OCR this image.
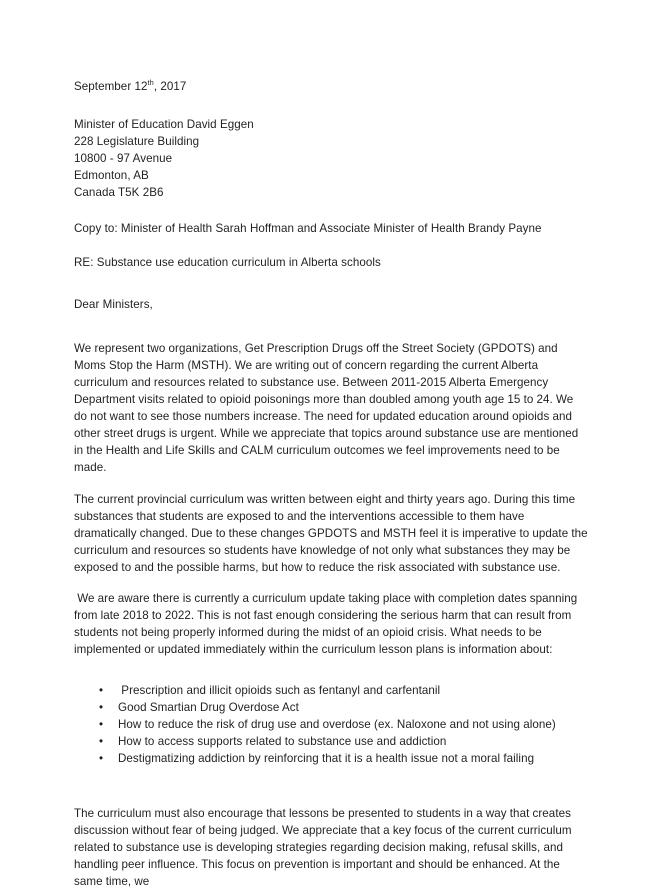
September 12th, 2017

Minister of Education David Eggen

228 Legislature Building

10800 - 97 Avenue

Edmonton, AB

Canada T5K 2B6

Copy to: Minister of Health Sarah Hoffman and Associate Minister of Health Brandy Payne

RE: Substance use education curriculum in Alberta schools

Dear Ministers,

We represent two organizations, Get Prescription Drugs off the Street Society (GPDOTS) and Moms Stop the Harm (MSTH). We are writing out of concern regarding the current Alberta curriculum and resources related to substance use. Between 2011-2015 Alberta Emergency Department visits related to opioid poisonings more than doubled among youth age 15 to 24. We do not want to see those numbers increase. The need for updated education around opioids and other street drugs is urgent. While we appreciate that topics around substance use are mentioned in the Health and Life Skills and CALM curriculum outcomes we feel improvements need to be made.

The current provincial curriculum was written between eight and thirty years ago. During this time substances that students are exposed to and the interventions accessible to them have dramatically changed. Due to these changes GPDOTS and MSTH feel it is imperative to update the curriculum and resources so students have knowledge of not only what substances they may be exposed to and the possible harms, but how to reduce the risk associated with substance use.

We are aware there is currently a curriculum update taking place with completion dates spanning from late 2018 to 2022. This is not fast enough considering the serious harm that can result from students not being properly informed during the midst of an opioid crisis. What needs to be implemented or updated immediately within the curriculum lesson plans is information about:

• Prescription and illicit opioids such as fentanyl and carfentanil
• Good Smartian Drug Overdose Act
• How to reduce the risk of drug use and overdose (ex. Naloxone and not using alone)
• How to access supports related to substance use and addiction
• Destigmatizing addiction by reinforcing that it is a health issue not a moral failing

The curriculum must also encourage that lessons be presented to students in a way that creates discussion without fear of being judged. We appreciate that a key focus of the current curriculum related to substance use is developing strategies regarding decision making, refusal skills, and handling peer influence. This focus on prevention is important and should be enhanced. At the same time, we
